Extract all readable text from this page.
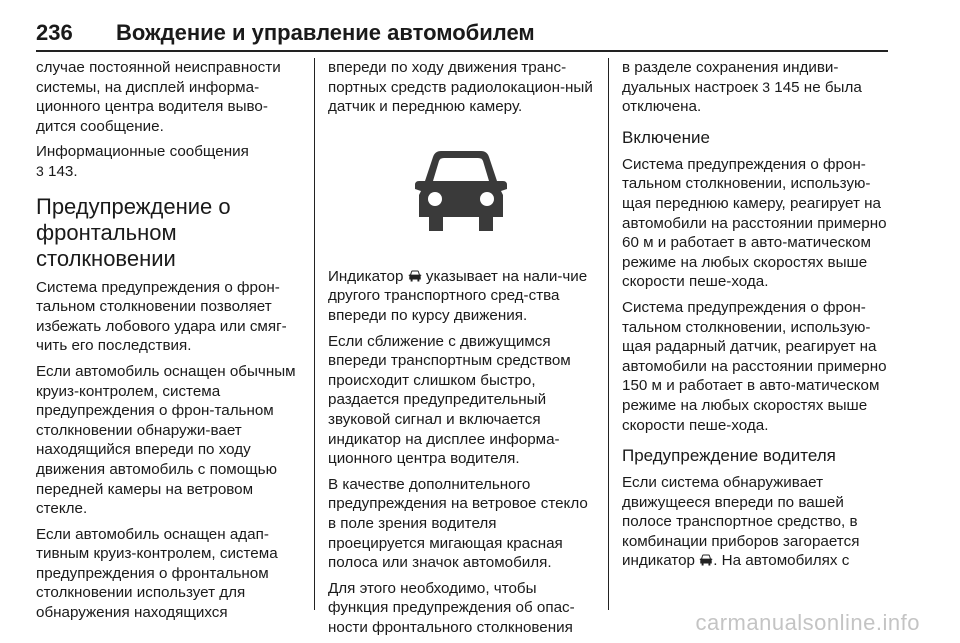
236 Вождение и управление автомобилем

случае постоянной неисправности системы, на дисплей информа-ционного центра водителя выво-дится сообщение.

Информационные сообщения
3 143.

Предупреждение о фронтальном столкновении

Система предупреждения о фрон-тальном столкновении позволяет избежать лобового удара или смяг-чить его последствия.

Если автомобиль оснащен обычным круиз-контролем, система предупреждения о фрон-тальном столкновении обнаружи-вает находящийся впереди по ходу движения автомобиль с помощью передней камеры на ветровом стекле.

Если автомобиль оснащен адап-тивным круиз-контролем, система предупреждения о фронтальном столкновении использует для обнаружения находящихся

впереди по ходу движения транс-портных средств радиолокацион-ный датчик и переднюю камеру.

Индикатор указывает на нали-чие другого транспортного сред-ства впереди по курсу движения.

Если сближение с движущимся впереди транспортным средством происходит слишком быстро, раздается предупредительный звуковой сигнал и включается индикатор на дисплее информа-ционного центра водителя.

В качестве дополнительного предупреждения на ветровое стекло в поле зрения водителя проецируется мигающая красная полоса или значок автомобиля.

Для этого необходимо, чтобы функция предупреждения об опас-ности фронтального столкновения

в разделе сохранения индиви-дуальных настроек 3 145 не была отключена.

Включение

Система предупреждения о фрон-тальном столкновении, использую-щая переднюю камеру, реагирует на автомобили на расстоянии примерно 60 м и работает в авто-матическом режиме на любых скоростях выше скорости пеше-хода.

Система предупреждения о фрон-тальном столкновении, использую-щая радарный датчик, реагирует на автомобили на расстоянии примерно 150 м и работает в авто-матическом режиме на любых скоростях выше скорости пеше-хода.

Предупреждение водителя

Если система обнаруживает движущееся впереди по вашей полосе транспортное средство, в комбинации приборов загорается индикатор . На автомобилях с

carmanualsonline.info
